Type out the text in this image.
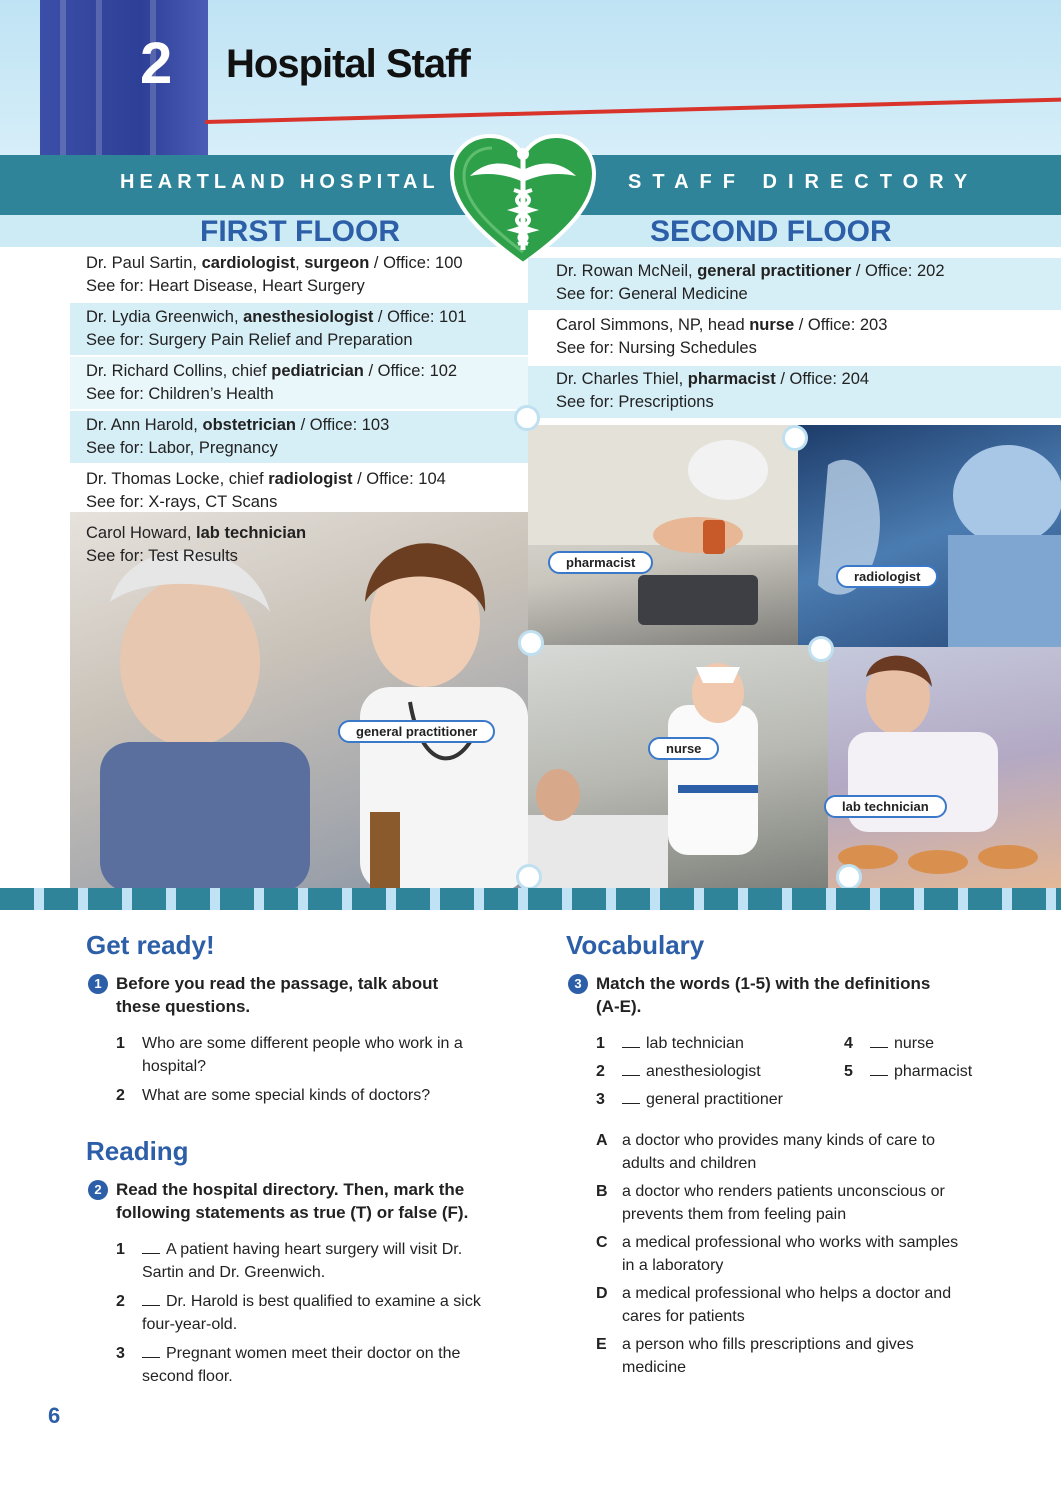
2 Hospital Staff
HEARTLAND HOSPITAL	STAFF DIRECTORY
FIRST FLOOR	SECOND FLOOR
Dr. Paul Sartin, cardiologist, surgeon / Office: 100
See for: Heart Disease, Heart Surgery
Dr. Lydia Greenwich, anesthesiologist / Office: 101
See for: Surgery Pain Relief and Preparation
Dr. Richard Collins, chief pediatrician / Office: 102
See for: Children’s Health
Dr. Ann Harold, obstetrician / Office: 103
See for: Labor, Pregnancy
Dr. Thomas Locke, chief radiologist / Office: 104
See for: X-rays, CT Scans
Dr. Rowan McNeil, general practitioner / Office: 202
See for: General Medicine
Carol Simmons, NP, head nurse / Office: 203
See for: Nursing Schedules
Dr. Charles Thiel, pharmacist / Office: 204
See for: Prescriptions
general practitioner
pharmacist
radiologist
nurse
lab technician
Carol Howard, lab technician
See for: Test Results
Get ready!
1 Before you read the passage, talk about
these questions.
1 Who are some different people who work in a
hospital?
2 What are some special kinds of doctors?
Reading
2 Read the hospital directory. Then, mark the
following statements as true (T) or false (F).
1	A patient having heart surgery will visit Dr.
Sartin and Dr. Greenwich.
2	Dr. Harold is best qualified to examine a sick
four-year-old.
3	Pregnant women meet their doctor on the
second floor.
Vocabulary
3 Match the words (1-5) with the definitions
(A-E).
1	lab technician
2	anesthesiologist
3	general practitioner
4	nurse
5	pharmacist
A a doctor who provides many kinds of care to
adults and children
B a doctor who renders patients unconscious or
prevents them from feeling pain
C a medical professional who works with samples
in a laboratory
D a medical professional who helps a doctor and
cares for patients
E a person who fills prescriptions and gives
medicine
6
